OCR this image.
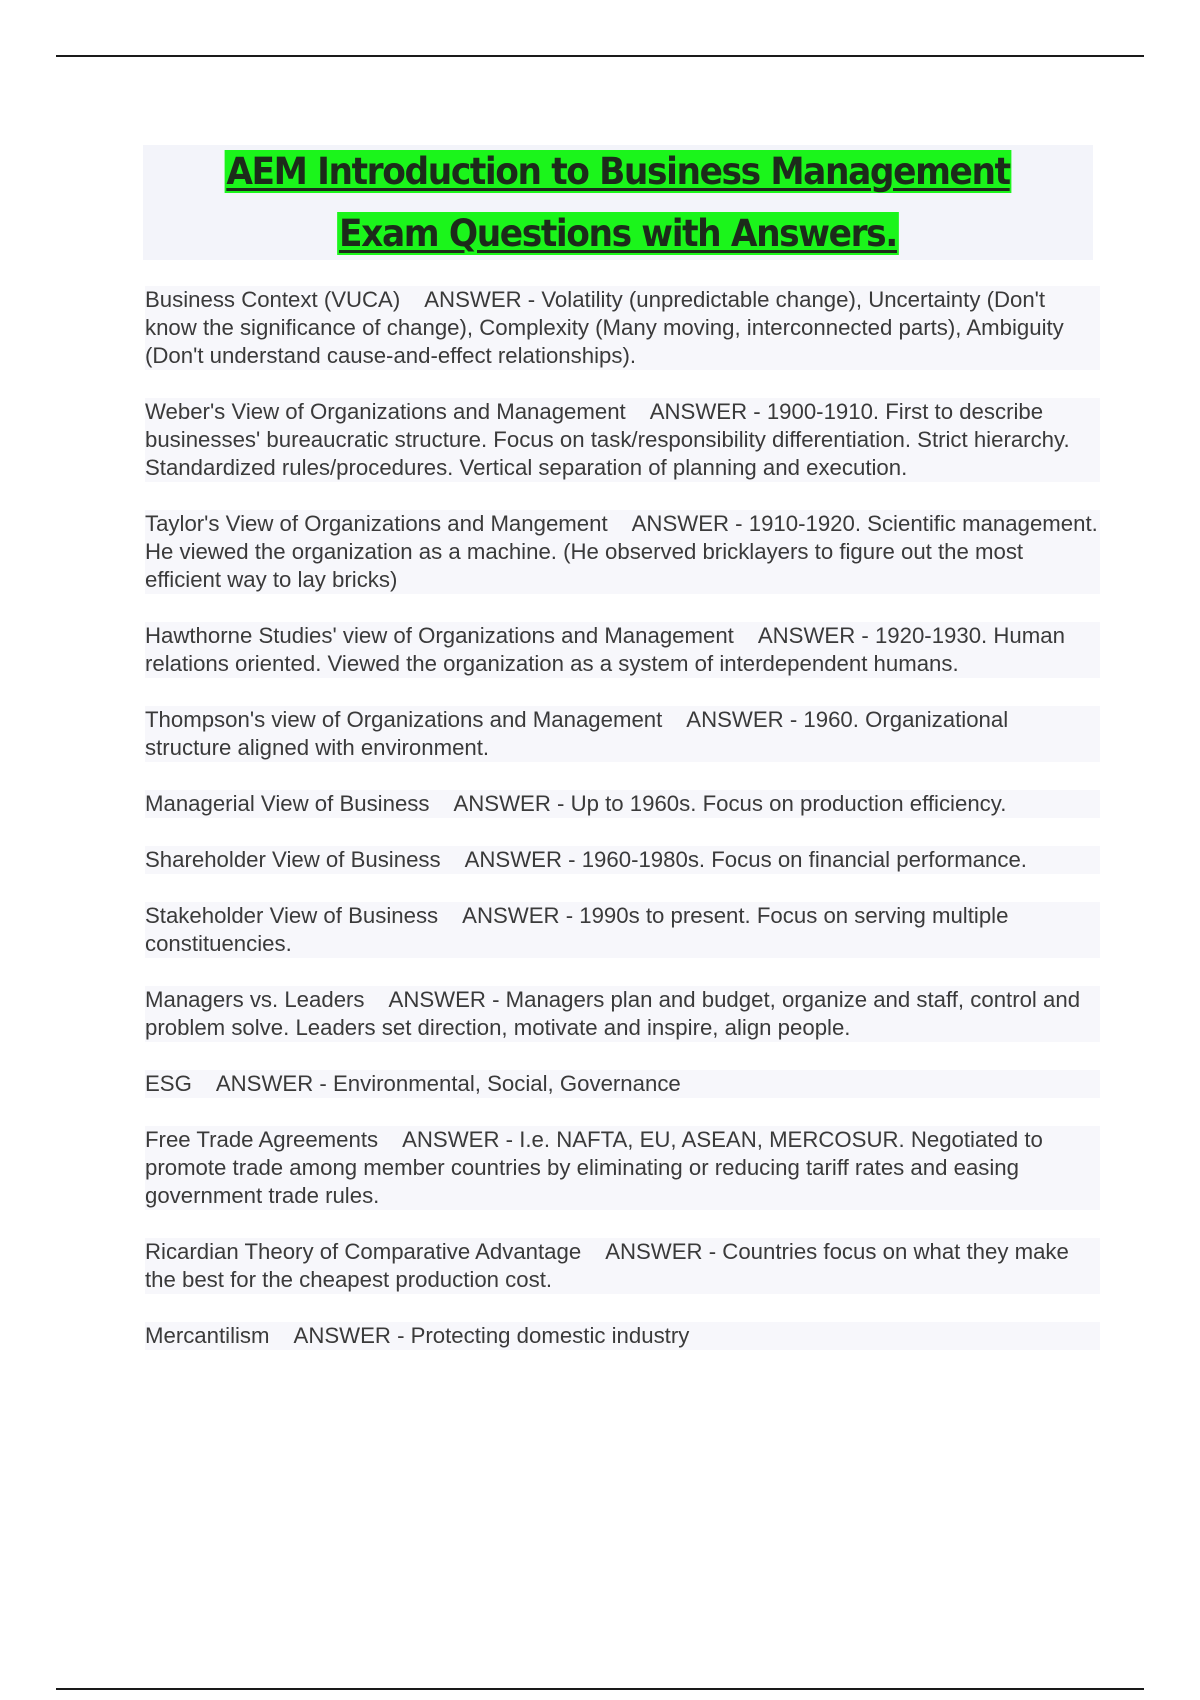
AEM Introduction to Business Management Exam Questions with Answers.

Business Context (VUCA) ANSWER - Volatility (unpredictable change), Uncertainty (Don't know the significance of change), Complexity (Many moving, interconnected parts), Ambiguity (Don't understand cause-and-effect relationships).

Weber's View of Organizations and Management ANSWER - 1900-1910. First to describe businesses' bureaucratic structure. Focus on task/responsibility differentiation. Strict hierarchy. Standardized rules/procedures. Vertical separation of planning and execution.

Taylor's View of Organizations and Mangement ANSWER - 1910-1920. Scientific management. He viewed the organization as a machine. (He observed bricklayers to figure out the most efficient way to lay bricks)

Hawthorne Studies' view of Organizations and Management ANSWER - 1920-1930. Human relations oriented. Viewed the organization as a system of interdependent humans.

Thompson's view of Organizations and Management ANSWER - 1960. Organizational structure aligned with environment.

Managerial View of Business ANSWER - Up to 1960s. Focus on production efficiency.

Shareholder View of Business ANSWER - 1960-1980s. Focus on financial performance.

Stakeholder View of Business ANSWER - 1990s to present. Focus on serving multiple constituencies.

Managers vs. Leaders ANSWER - Managers plan and budget, organize and staff, control and problem solve. Leaders set direction, motivate and inspire, align people.

ESG ANSWER - Environmental, Social, Governance

Free Trade Agreements ANSWER - I.e. NAFTA, EU, ASEAN, MERCOSUR. Negotiated to promote trade among member countries by eliminating or reducing tariff rates and easing government trade rules.

Ricardian Theory of Comparative Advantage ANSWER - Countries focus on what they make the best for the cheapest production cost.

Mercantilism ANSWER - Protecting domestic industry
